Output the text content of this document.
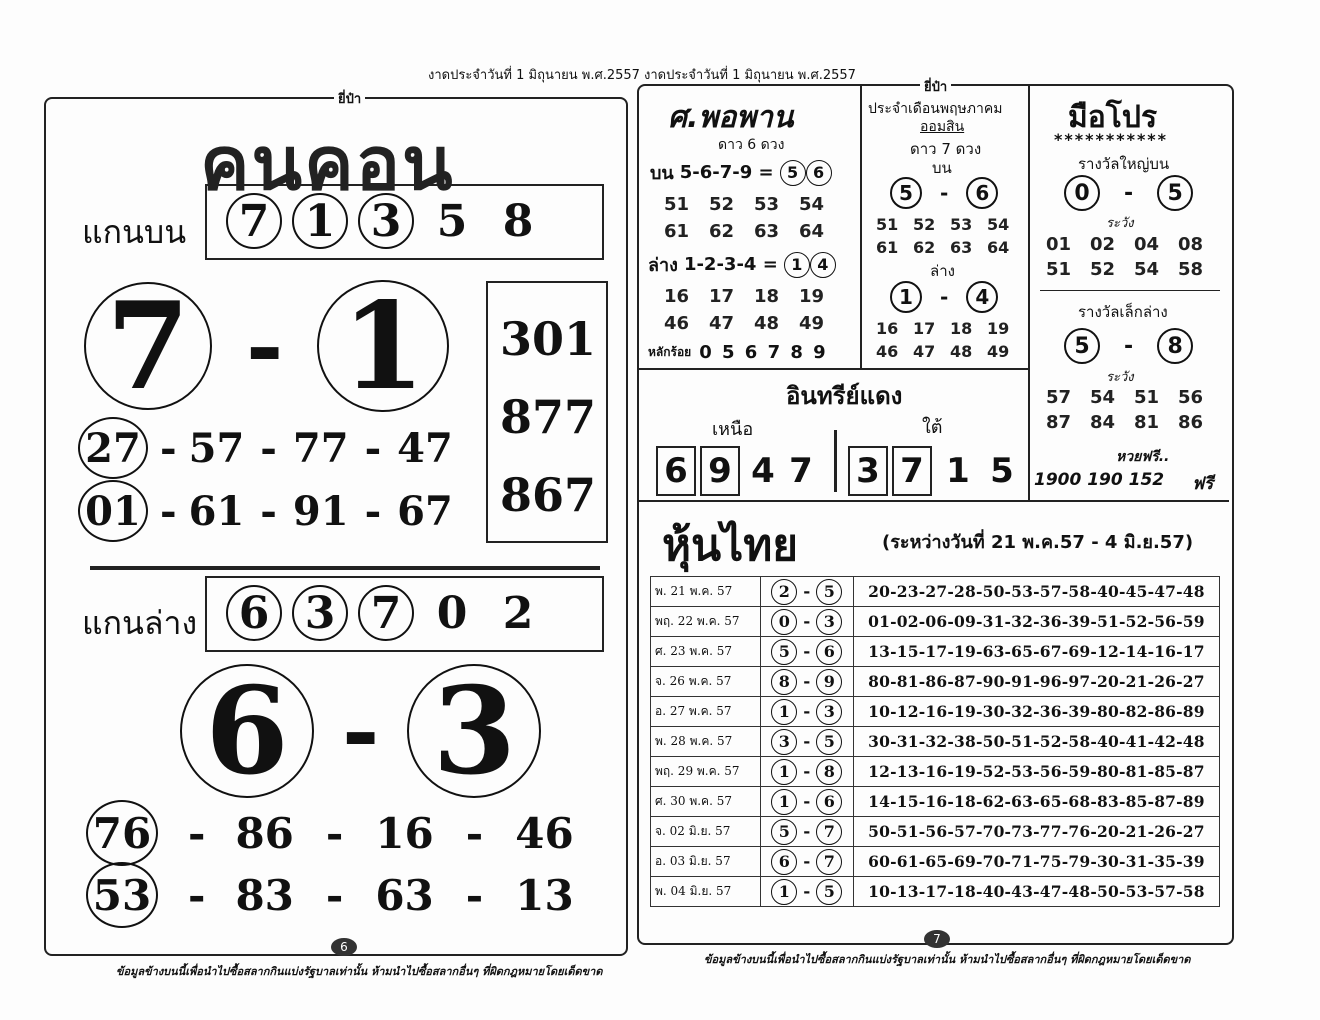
งาดประจำวันที่ 1 มิถุนายน พ.ศ.2557 งาดประจำวันที่ 1 มิถุนายน พ.ศ.2557
ยี่ป๋า
คนคอน
แกนบน 7 1 3 5 8
7 - 1	301
877
867
27 - 57 - 77 - 47
01 - 61 - 91 - 67
แกนล่าง 6 3 7 0 2
6 - 3
76 - 86 - 16 - 46
53 - 83 - 63 - 13
6
ข้อมูลข้างบนนี้เพื่อนำไปซื้อสลากกินแบ่งรัฐบาลเท่านั้น ห้ามนำไปซื้อสลากอื่นๆ ที่ผิดกฎหมายโดยเด็ดขาด
ยี่ป๋า
ศ.พอพาน
ดาว 6 ดวง
บน 5-6-7-9 = 5 6
51	52	53	54
61	62	63	64
ล่าง 1-2-3-4 = 1 4
16	17	18	19
46	47	48	49
หลักร้อย 0 5 6 7 8 9
ประจำเดือนพฤษภาคม
ออมสิน
ดาว 7 ดวง
บน
5	-	6
51 52 53 54
61 62 63 64
ล่าง
1	-	4
16 17 18 19
46 47 48 49
มือโปร
***********
รางวัลใหญ่บน
0	-	5
ระวัง
01	02	04	08
51	52	54	58
รางวัลเล็กล่าง
5	-	8
ระวัง
57	54	51	56
87	84	81	86
หวยฟรี..
1900 190 152 ฟรี
อินทรีย์แดง
เหนือ	ใต้
6 9 4 7 3 7 1 5
หุ้นไทย	(ระหว่างวันที่ 21 พ.ค.57 - 4 มิ.ย.57)
พ. 21 พ.ค. 57	2 - 5	20-23-27-28-50-53-57-58-40-45-47-48
พฤ. 22 พ.ค. 57	0 - 3	01-02-06-09-31-32-36-39-51-52-56-59
ศ. 23 พ.ค. 57	5 - 6	13-15-17-19-63-65-67-69-12-14-16-17
จ. 26 พ.ค. 57	8 - 9	80-81-86-87-90-91-96-97-20-21-26-27
อ. 27 พ.ค. 57	1 - 3	10-12-16-19-30-32-36-39-80-82-86-89
พ. 28 พ.ค. 57	3 - 5	30-31-32-38-50-51-52-58-40-41-42-48
พฤ. 29 พ.ค. 57	1 - 8	12-13-16-19-52-53-56-59-80-81-85-87
ศ. 30 พ.ค. 57	1 - 6	14-15-16-18-62-63-65-68-83-85-87-89
จ. 02 มิ.ย. 57	5 - 7	50-51-56-57-70-73-77-76-20-21-26-27
อ. 03 มิ.ย. 57	6 - 7	60-61-65-69-70-71-75-79-30-31-35-39
พ. 04 มิ.ย. 57	1 - 5	10-13-17-18-40-43-47-48-50-53-57-58
7
ข้อมูลข้างบนนี้เพื่อนำไปซื้อสลากกินแบ่งรัฐบาลเท่านั้น ห้ามนำไปซื้อสลากอื่นๆ ที่ผิดกฎหมายโดยเด็ดขาด
